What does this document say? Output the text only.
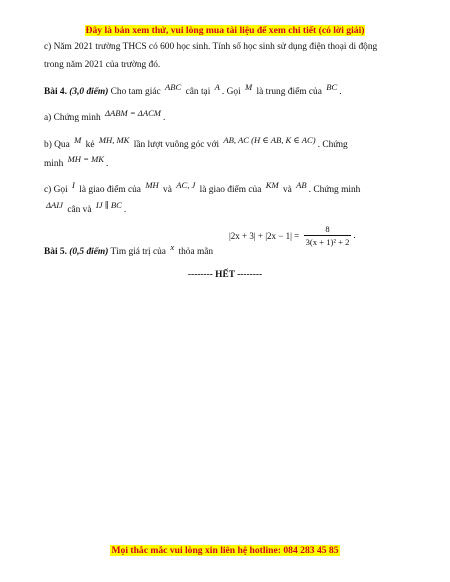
Đây là bản xem thử, vui lòng mua tài liệu để xem chi tiết (có lời giải)
c) Năm 2021 trường THCS có 600 học sinh. Tính số học sinh sử dụng điện thoại di động
trong năm 2021 của trường đó.
Bài 4. (3,0 điểm) Cho tam giác ABC cân tại A . Gọi M là trung điểm của BC .
a) Chứng minh ΔABM = ΔACM .
b) Qua M kẻ MH, MK lần lượt vuông góc với AB, AC (H ∈ AB, K ∈ AC) . Chứng
minh MH = MK .
c) Gọi I là giao điểm của MH và AC, J là giao điểm của KM và AB . Chứng minh
ΔAIJ cân và IJ ∥ BC .
Bài 5. (0,5 điểm) Tìm giá trị của x thỏa mãn
$|2x + 3| + |2x - 1| = \frac{8}{\text{3(x + 1)² + 2}}$ .
-------- HẾT --------
Mọi thắc mắc vui lòng xin liên hệ hotline: 084 283 45 85
